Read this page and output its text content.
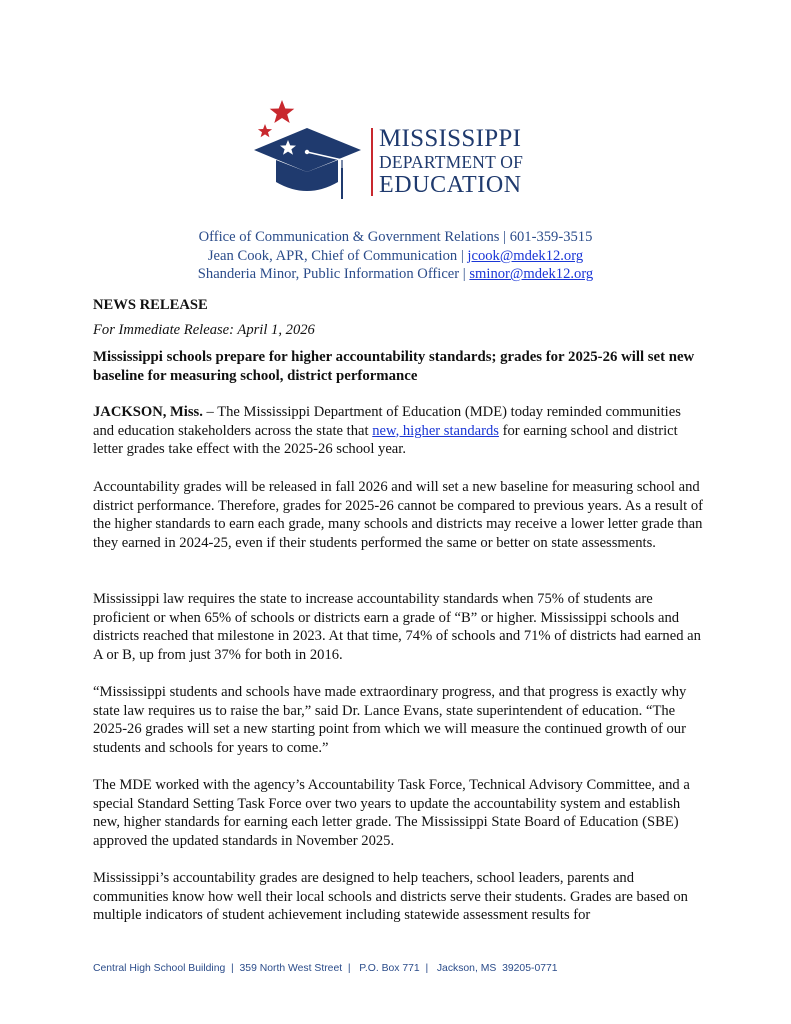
MISSISSIPPI
DEPARTMENT OF
EDUCATION
Office of Communication & Government Relations | 601-359-3515
Jean Cook, APR, Chief of Communication | jcook@mdek12.org
Shanderia Minor, Public Information Officer | sminor@mdek12.org
NEWS RELEASE
For Immediate Release: April 1, 2026
Mississippi schools prepare for higher accountability standards; grades for 2025-26 will set new baseline for measuring school, district performance

JACKSON, Miss. – The Mississippi Department of Education (MDE) today reminded communities and education stakeholders across the state that new, higher standards for earning school and district letter grades take effect with the 2025-26 school year.

Accountability grades will be released in fall 2026 and will set a new baseline for measuring school and district performance. Therefore, grades for 2025-26 cannot be compared to previous years. As a result of the higher standards to earn each grade, many schools and districts may receive a lower letter grade than they earned in 2024-25, even if their students performed the same or better on state assessments.

Mississippi law requires the state to increase accountability standards when 75% of students are proficient or when 65% of schools or districts earn a grade of “B” or higher. Mississippi schools and districts reached that milestone in 2023. At that time, 74% of schools and 71% of districts had earned an A or B, up from just 37% for both in 2016.

“Mississippi students and schools have made extraordinary progress, and that progress is exactly why state law requires us to raise the bar,” said Dr. Lance Evans, state superintendent of education. “The 2025-26 grades will set a new starting point from which we will measure the continued growth of our students and schools for years to come.”

The MDE worked with the agency’s Accountability Task Force, Technical Advisory Committee, and a special Standard Setting Task Force over two years to update the accountability system and establish new, higher standards for earning each letter grade. The Mississippi State Board of Education (SBE) approved the updated standards in November 2025.

Mississippi’s accountability grades are designed to help teachers, school leaders, parents and communities know how well their local schools and districts serve their students. Grades are based on multiple indicators of student achievement including statewide assessment results for

Central High School Building  |  359 North West Street  |   P.O. Box 771  |   Jackson, MS  39205-0771
